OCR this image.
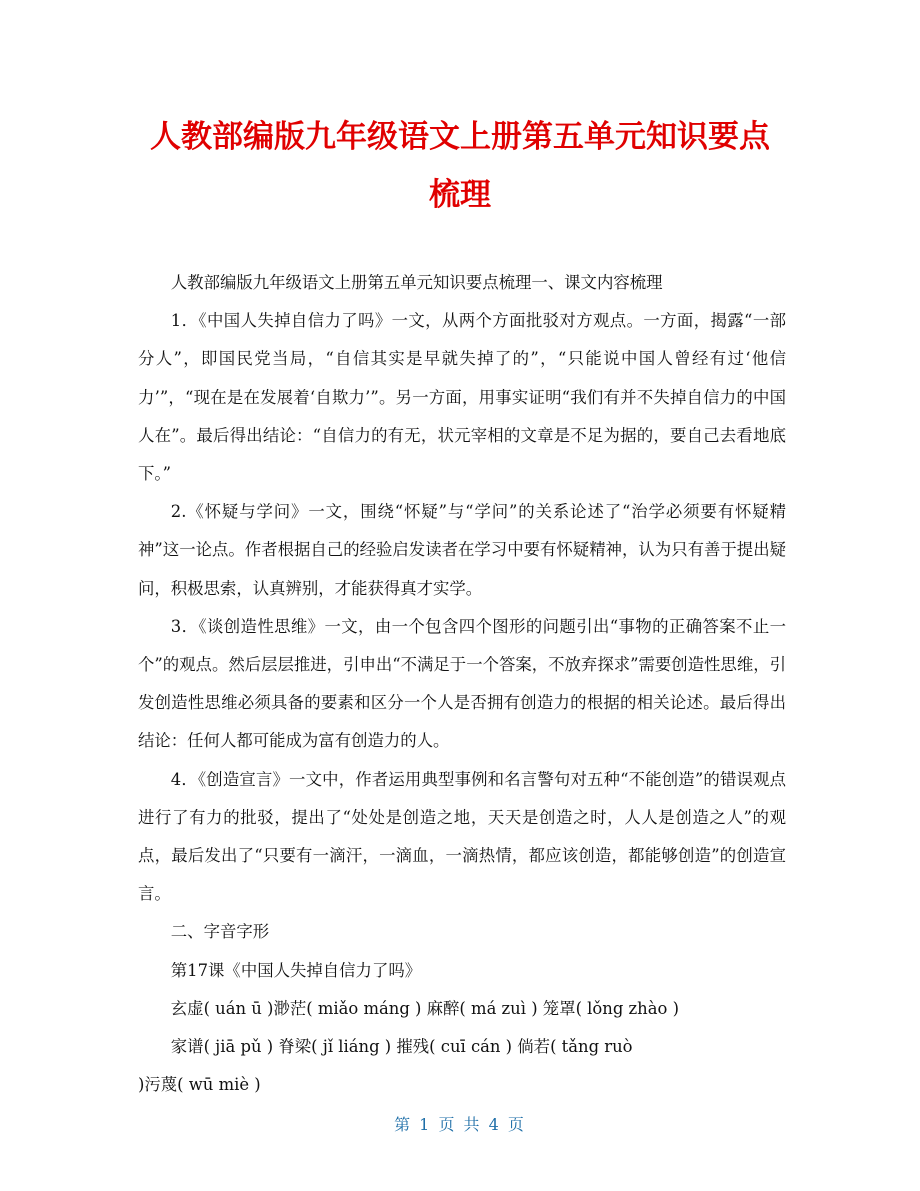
人教部编版九年级语文上册第五单元知识要点
梳理

人教部编版九年级语文上册第五单元知识要点梳理一、课文内容梳理

1．《中国人失掉自信力了吗》一文，从两个方面批驳对方观点。一方面，揭露“一部分人”，即国民党当局，“自信其实是早就失掉了的”，“只能说中国人曾经有过‘他信力’”，“现在是在发展着‘自欺力’”。另一方面，用事实证明“我们有并不失掉自信力的中国人在”。最后得出结论：“自信力的有无，状元宰相的文章是不足为据的，要自己去看地底下。”

2.《怀疑与学问》一文，围绕“怀疑”与“学问”的关系论述了“治学必须要有怀疑精神”这一论点。作者根据自己的经验启发读者在学习中要有怀疑精神，认为只有善于提出疑问，积极思索，认真辨别，才能获得真才实学。

3．《谈创造性思维》一文，由一个包含四个图形的问题引出“事物的正确答案不止一个”的观点。然后层层推进，引申出“不满足于一个答案，不放弃探求”需要创造性思维，引发创造性思维必须具备的要素和区分一个人是否拥有创造力的根据的相关论述。最后得出结论：任何人都可能成为富有创造力的人。

4．《创造宣言》一文中，作者运用典型事例和名言警句对五种“不能创造”的错误观点进行了有力的批驳，提出了“处处是创造之地，天天是创造之时，人人是创造之人”的观点，最后发出了“只要有一滴汗，一滴血，一滴热情，都应该创造，都能够创造”的创造宣言。

二、字音字形

第17课《中国人失掉自信力了吗》

玄虚( uán ū )渺茫( miǎo máng ) 麻醉( má zuì ) 笼罩( lǒng zhào )
家谱( jiā pǔ ) 脊梁( jǐ liáng ) 摧残( cuī cán ) 倘若( tǎng ruò
)污蔑( wū miè )
第 1 页 共 4 页
